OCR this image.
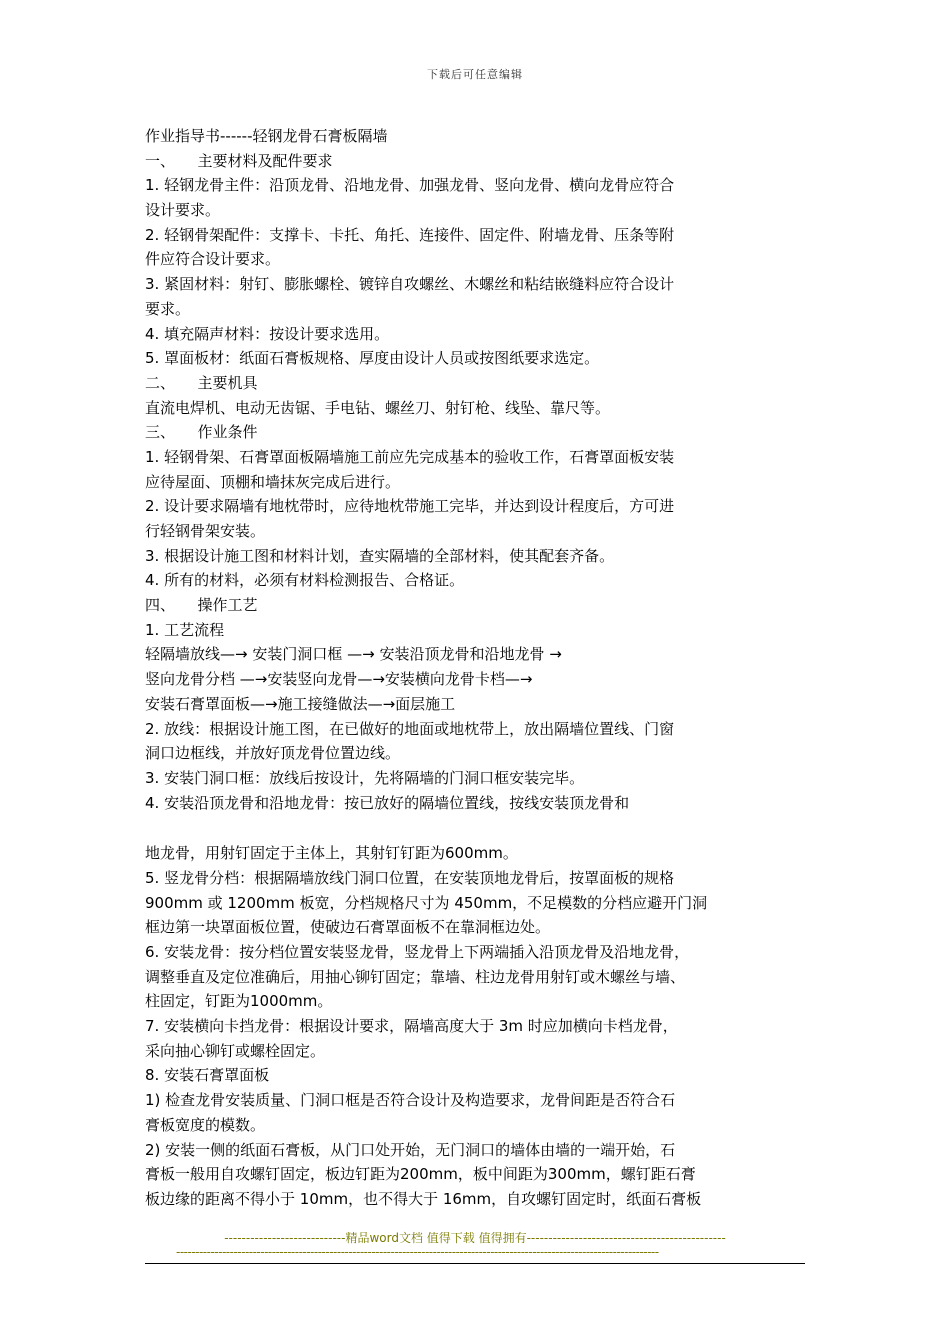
下载后可任意编辑
作业指导书------轻钢龙骨石膏板隔墙
一、　　主要材料及配件要求
1. 轻钢龙骨主件：沿顶龙骨、沿地龙骨、加强龙骨、竖向龙骨、横向龙骨应符合
设计要求。
2. 轻钢骨架配件：支撑卡、卡托、角托、连接件、固定件、附墙龙骨、压条等附
件应符合设计要求。
3. 紧固材料：射钉、膨胀螺栓、镀锌自攻螺丝、木螺丝和粘结嵌缝料应符合设计
要求。
4. 填充隔声材料：按设计要求选用。
5. 罩面板材：纸面石膏板规格、厚度由设计人员或按图纸要求选定。
二、　　主要机具
直流电焊机、电动无齿锯、手电钻、螺丝刀、射钉枪、线坠、靠尺等。
三、　　作业条件
1. 轻钢骨架、石膏罩面板隔墙施工前应先完成基本的验收工作，石膏罩面板安装
应待屋面、顶棚和墙抹灰完成后进行。
2. 设计要求隔墙有地枕带时，应待地枕带施工完毕，并达到设计程度后，方可进
行轻钢骨架安装。
3. 根据设计施工图和材料计划，查实隔墙的全部材料，使其配套齐备。
4. 所有的材料，必须有材料检测报告、合格证。
四、　　操作工艺
1. 工艺流程
轻隔墙放线—→ 安装门洞口框 —→ 安装沿顶龙骨和沿地龙骨 →
竖向龙骨分档 —→安装竖向龙骨—→安装横向龙骨卡档—→
安装石膏罩面板—→施工接缝做法—→面层施工
2. 放线：根据设计施工图，在已做好的地面或地枕带上，放出隔墙位置线、门窗
洞口边框线，并放好顶龙骨位置边线。
3. 安装门洞口框：放线后按设计，先将隔墙的门洞口框安装完毕。
4. 安装沿顶龙骨和沿地龙骨：按已放好的隔墙位置线，按线安装顶龙骨和
地龙骨，用射钉固定于主体上，其射钉钉距为600mm。
5. 竖龙骨分档：根据隔墙放线门洞口位置，在安装顶地龙骨后，按罩面板的规格
900mm 或 1200mm 板宽，分档规格尺寸为 450mm，不足模数的分档应避开门洞
框边第一块罩面板位置，使破边石膏罩面板不在靠洞框边处。
6. 安装龙骨：按分档位置安装竖龙骨，竖龙骨上下两端插入沿顶龙骨及沿地龙骨，
调整垂直及定位准确后，用抽心铆钉固定；靠墙、柱边龙骨用射钉或木螺丝与墙、
柱固定，钉距为1000mm。
7. 安装横向卡挡龙骨：根据设计要求，隔墙高度大于 3m 时应加横向卡档龙骨，
采向抽心铆钉或螺栓固定。
8. 安装石膏罩面板
1) 检查龙骨安装质量、门洞口框是否符合设计及构造要求，龙骨间距是否符合石
膏板宽度的模数。
2) 安装一侧的纸面石膏板，从门口处开始，无门洞口的墙体由墙的一端开始，石
膏板一般用自攻螺钉固定，板边钉距为200mm，板中间距为300mm，螺钉距石膏
板边缘的距离不得小于 10mm，也不得大于 16mm，自攻螺钉固定时，纸面石膏板
----------------------------精品word文档 值得下载 值得拥有----------------------------------------------
------------------------------------------------------------------------------------------------------------------------------
